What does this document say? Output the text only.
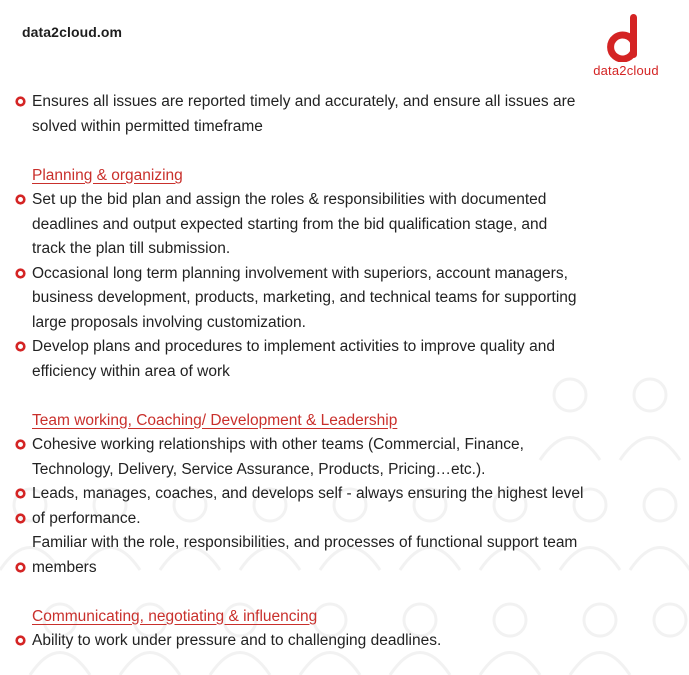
data2cloud.om
data2cloud
Ensures all issues are reported timely and accurately, and ensure all issues are
solved within permitted timeframe
Planning & organizing
Set up the bid plan and assign the roles & responsibilities with documented
deadlines and output expected starting from the bid qualification stage, and
track the plan till submission.
Occasional long term planning involvement with superiors, account managers,
business development, products, marketing, and technical teams for supporting
large proposals involving customization.
Develop plans and procedures to implement activities to improve quality and
efficiency within area of work
Team working, Coaching/ Development & Leadership
Cohesive working relationships with other teams (Commercial, Finance,
Technology, Delivery, Service Assurance, Products, Pricing…etc.).
Leads, manages, coaches, and develops self - always ensuring the highest level
of performance.
Familiar with the role, responsibilities, and processes of functional support team
members
Communicating, negotiating & influencing
Ability to work under pressure and to challenging deadlines.
